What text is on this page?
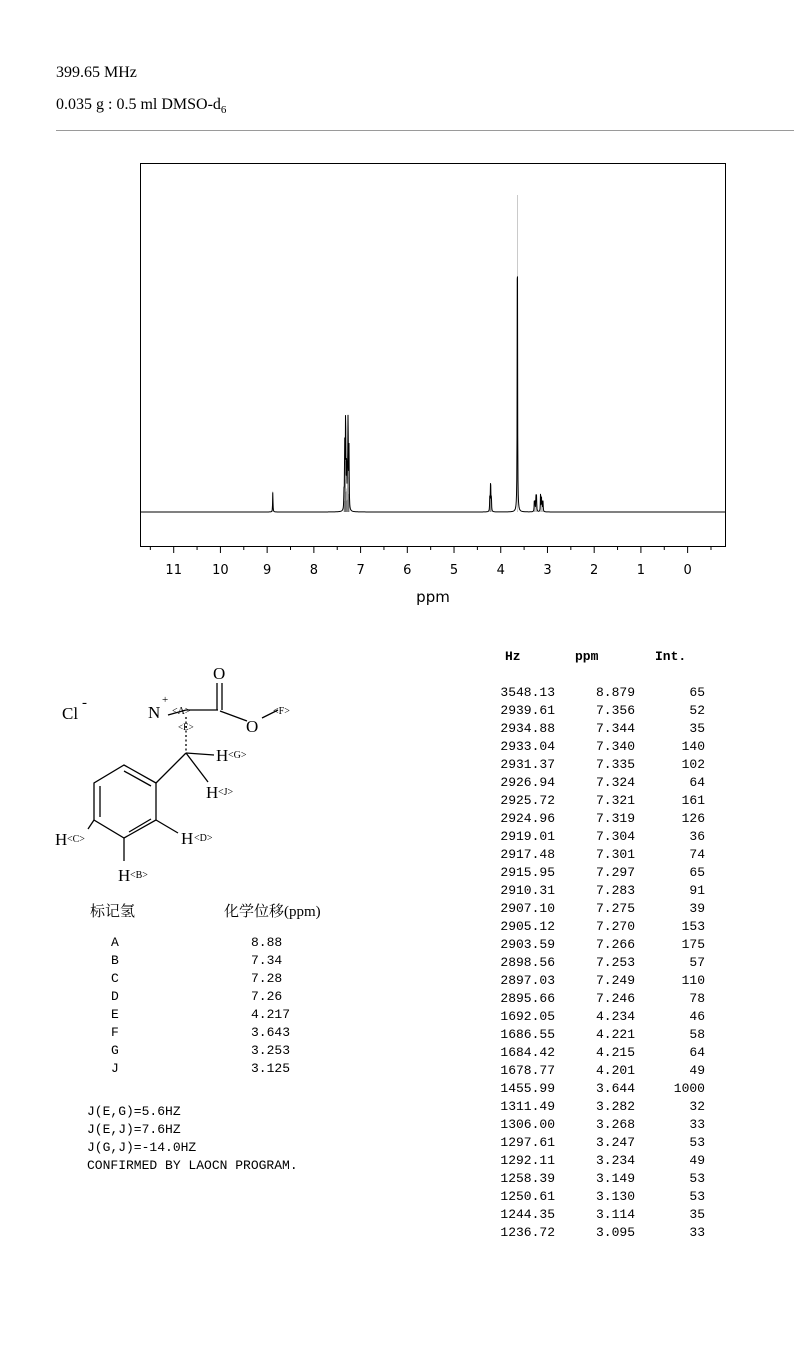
399.65 MHz
0.035 g : 0.5 ml DMSO-$d_6$
11 10	9	8	7	6	5	4	3	2	1	0
ppm
Cl
-	N
+
<A>
<E>
O
O
<F>
H <G>
H <J>
H <C>	H <D>
H <B>
标记氢	化学位移(ppm)
A	8.88
B	7.34
C	7.28
D	7.26
E	4.217
F	3.643
G	3.253
J	3.125
J(E,G)=5.6HZ
J(E,J)=7.6HZ
J(G,J)=-14.0HZ
CONFIRMED BY LAOCN PROGRAM.
Hz	ppm	Int.
3548.13	8.879	65
2939.61	7.356	52
2934.88	7.344	35
2933.04	7.340	140
2931.37	7.335	102
2926.94	7.324	64
2925.72	7.321	161
2924.96	7.319	126
2919.01	7.304	36
2917.48	7.301	74
2915.95	7.297	65
2910.31	7.283	91
2907.10	7.275	39
2905.12	7.270	153
2903.59	7.266	175
2898.56	7.253	57
2897.03	7.249	110
2895.66	7.246	78
1692.05	4.234	46
1686.55	4.221	58
1684.42	4.215	64
1678.77	4.201	49
1455.99	3.644	1000
1311.49	3.282	32
1306.00	3.268	33
1297.61	3.247	53
1292.11	3.234	49
1258.39	3.149	53
1250.61	3.130	53
1244.35	3.114	35
1236.72	3.095	33
